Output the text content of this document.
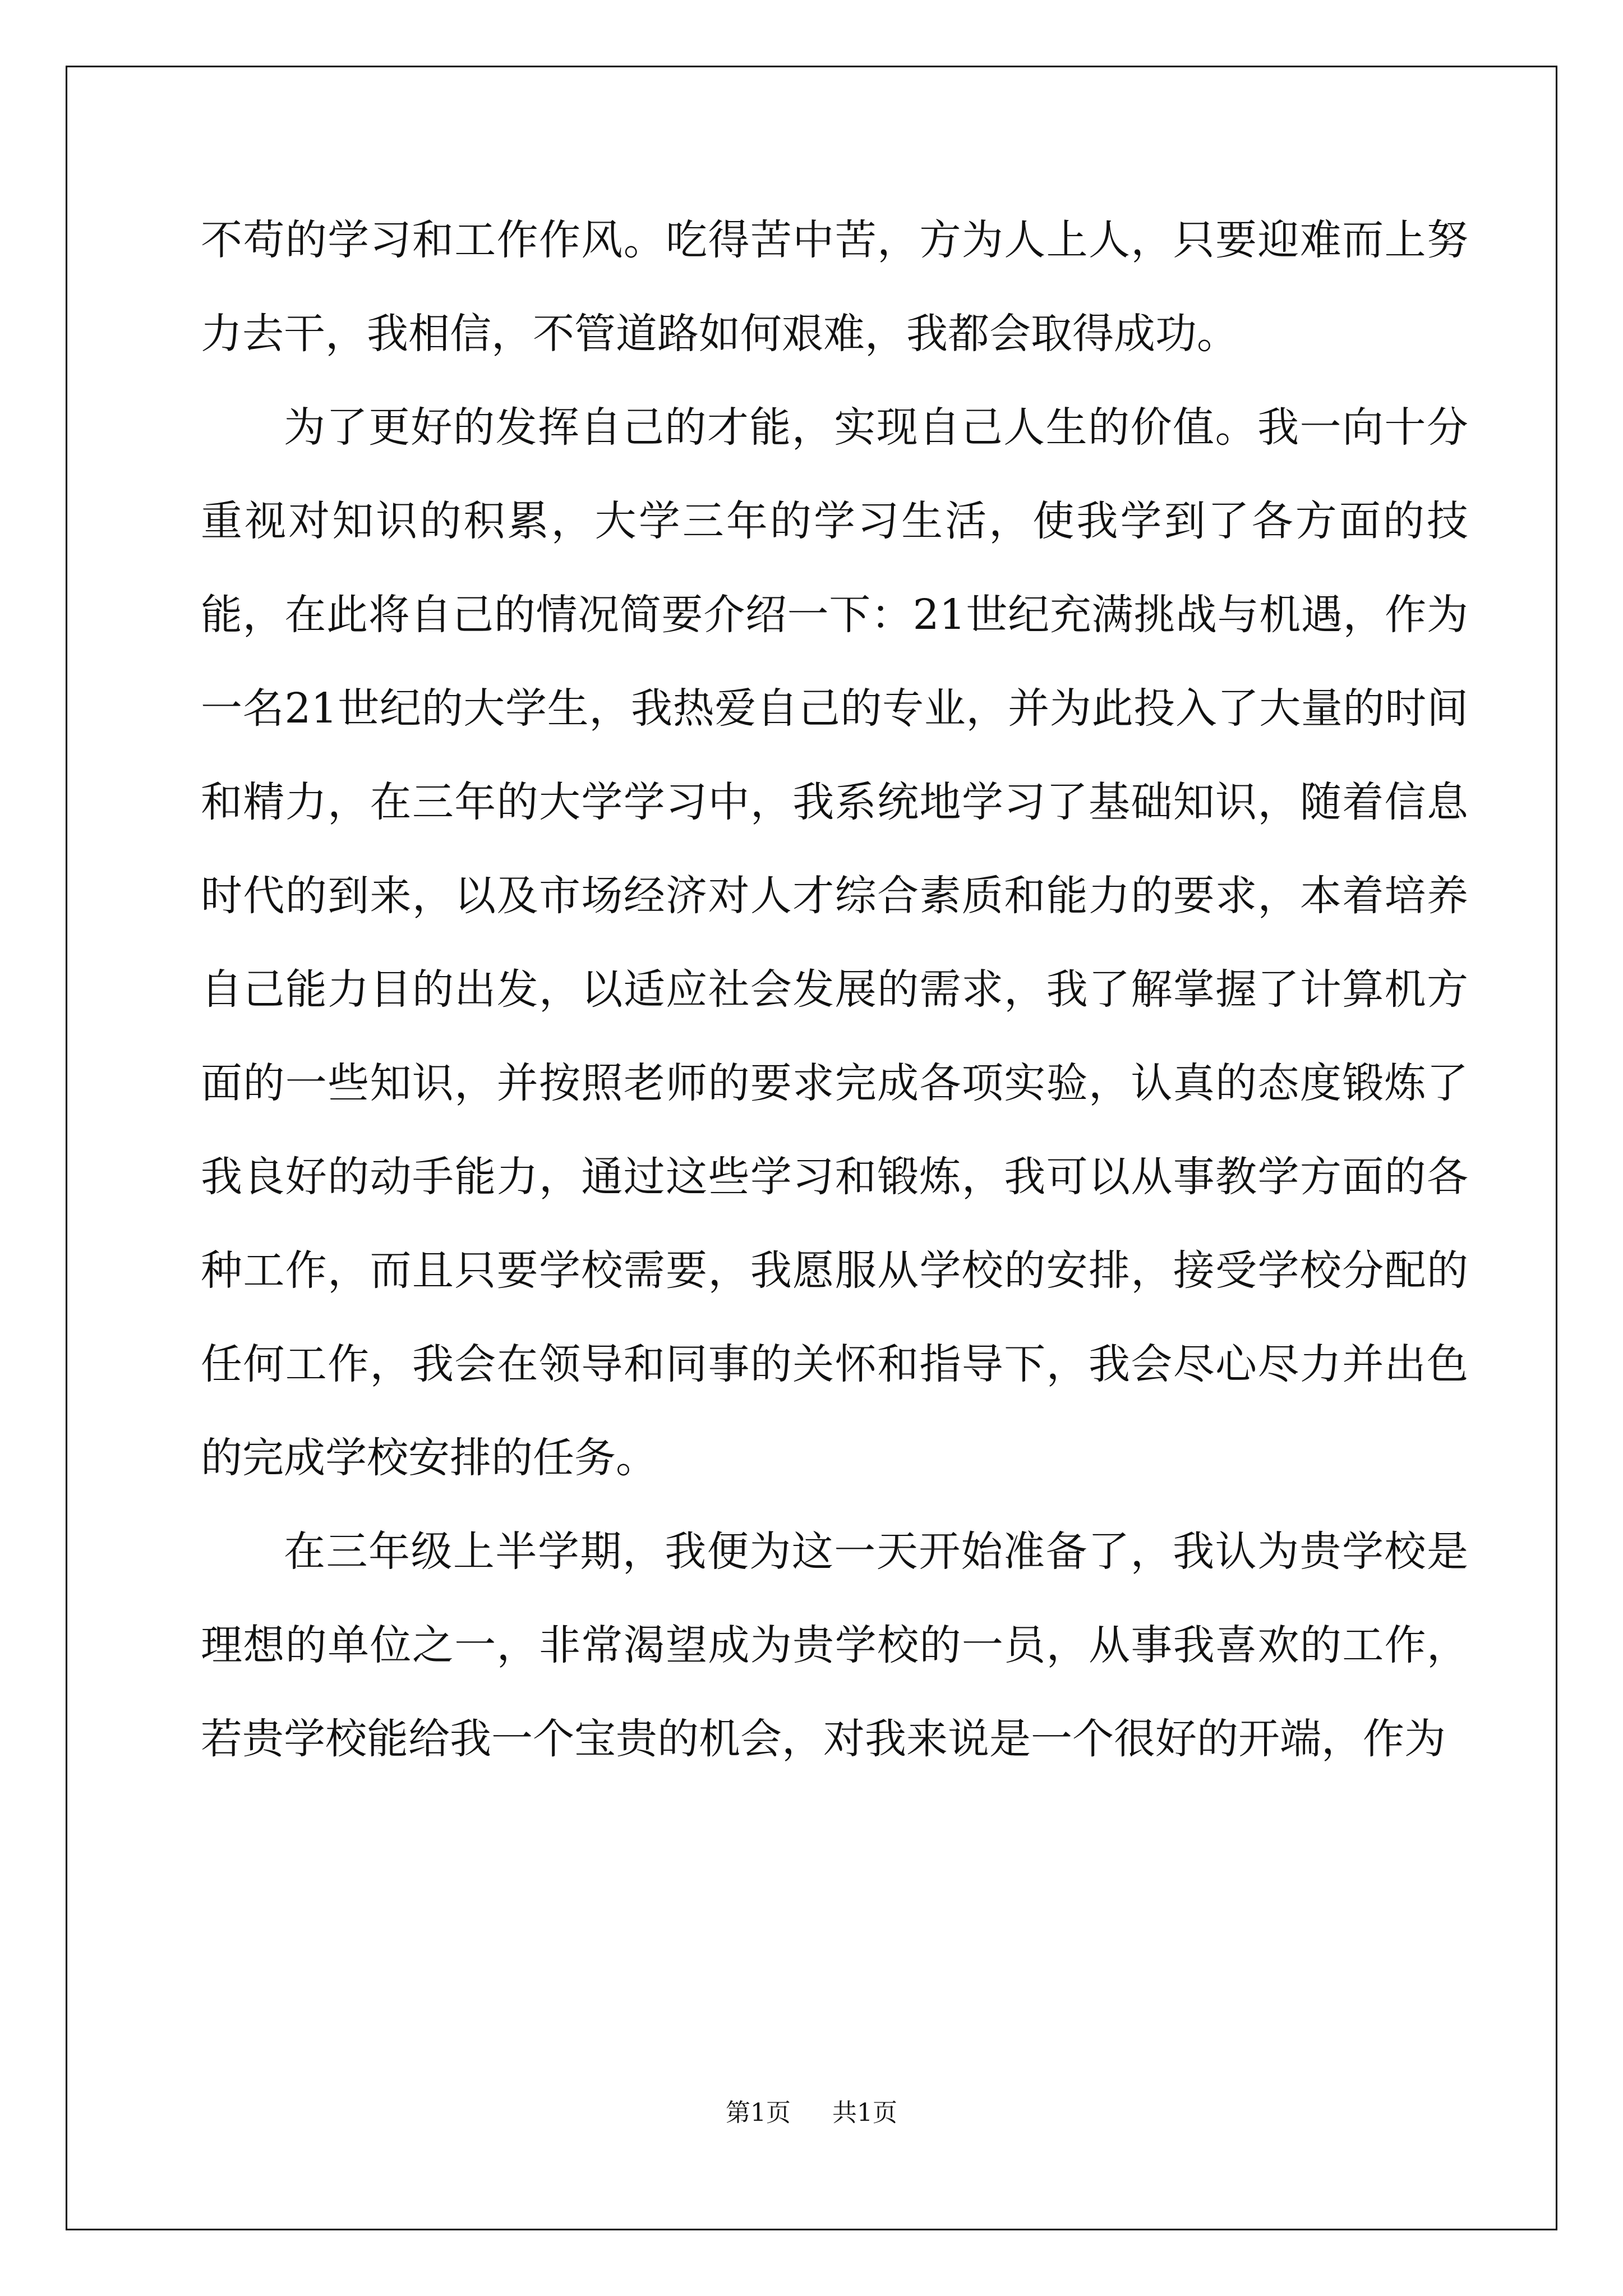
不苟的学习和工作作风。吃得苦中苦，方为人上人，只要迎难而上努力去干，我相信，不管道路如何艰难，我都会取得成功。

为了更好的发挥自己的才能，实现自己人生的价值。我一向十分重视对知识的积累，大学三年的学习生活，使我学到了各方面的技能，在此将自己的情况简要介绍一下：21世纪充满挑战与机遇，作为一名21世纪的大学生，我热爱自己的专业，并为此投入了大量的时间和精力，在三年的大学学习中，我系统地学习了基础知识，随着信息时代的到来，以及市场经济对人才综合素质和能力的要求，本着培养自己能力目的出发，以适应社会发展的需求，我了解掌握了计算机方面的一些知识，并按照老师的要求完成各项实验，认真的态度锻炼了我良好的动手能力，通过这些学习和锻炼，我可以从事教学方面的各种工作，而且只要学校需要，我愿服从学校的安排，接受学校分配的任何工作，我会在领导和同事的关怀和指导下，我会尽心尽力并出色的完成学校安排的任务。

在三年级上半学期，我便为这一天开始准备了，我认为贵学校是理想的单位之一，非常渴望成为贵学校的一员，从事我喜欢的工作，若贵学校能给我一个宝贵的机会，对我来说是一个很好的开端，作为

第1页 共1页
